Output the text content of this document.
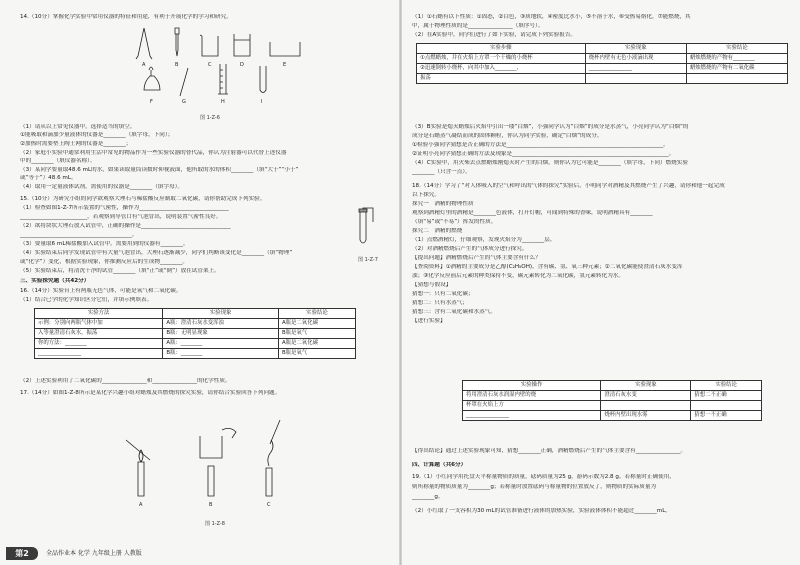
14.（10分）掌握化学实验中常用仪器的特征和用途，有利于开展化学的学习和研究。
A	B	C	D	E
F	G	H	I
图 1-Z-6
（1）请从以上常见仪器中，选择适当的填空。
①能吸取和滴加少量液体的仪器是________（填字母，下同）；
②加热时需要垫上陶土网的仪器是________；
（2）家庭小实验中通常利用生活中常见的物品作为一些实验仪器的替代品，你认为注射器可以代替上述仪器
中的________（填仪器名称）。
（3）某同学要量取48.6 mL的水，如果读取量筒读数时仰视液面，他所取的水的体积________（填“大于”“小于”
或“等于”）48.6 mL。
（4）取用一定量液体试剂，需使用的仪器是________（填字母）。
15.（10分）为研究小组的同学欲观察大理石与稀盐酸反应制取二氧化碳，请你帮助完成下列实验。
（1）检查如图1-Z-7所示装置的气密性，操作为________________________________
________________________，若观察到导管口有气泡冒出，说明装置气密性良好。
（2）欲将块状大理石放入试管中，正确的操作是________________________________
________________________________________。
（3）要量取6 mL稀盐酸加入试管中，需要用到的仪器有________。
（4）实验结束后同学发现试管中有大量气泡冒出，大理石逐渐减少，同学们判断该变化是________（填“物理”
或“化学”）变化，根据实验现象，你推测反应后的生成物________。
（5）实验结束后，将清洗干净的试管________（填“正”或“倒”）放在试管架上。
图 1-Z-7
三、实验探究题（共42分）
16.（14分）实验台上有两瓶无色气体，可能是氧气和二氧化碳。
（1）结合已学的化学知识区分它们，并填示例填表。
实验方法	实验现象	实验结论
示例：分别向两瓶气体中加	A瓶：澄清石灰水变浑浊	A瓶是二氧化碳
入等量澄清石灰水，振荡	B瓶：无明显现象	B瓶是氧气
你的方法：________	A瓶：________	A瓶是二氧化碳
________________	B瓶：________	B瓶是氧气
（2）上述实验利用了二氧化碳的________________和________________的化学性质。
17.（14分）如图1-Z-8所示是某化学兴趣小组对蜡烛及其燃烧的探究实验，请你结合实验回答下列问题。
A	B	C
图 1-Z-8
第2	全品作业本 化学 九年级上册 人教版
（1）①石蜡有以下性质：①固态，②白色，③质地软，④密度比水小，⑤不溶于水，⑥受热易熔化，⑦能燃烧，其
中，属于物理性质的是________________（填序号）。
（2）在A实验中，同学们进行了如下实验，请完成下列实验报告。
实验步骤	实验现象	实验结论
①点燃蜡烛，并在火焰上方罩一个干燥的小烧杯	烧杯内壁有无色小液滴出现	蜡烛燃烧的产物有________
②迅速倒转小烧杯，向其中加入________，	________________	蜡烛燃烧的产物有二氧化碳
振荡		
（3）B实验是熄灭蜡烛后火焰中引出一缕“白烟”，小强同学认为“白烟”的成分是水蒸气，小亮同学认为“白烟”的
成分是石蜡蒸气凝结而成的固体颗粒，你认为同学实验，确定“白烟”的成分。
①检验小强同学猜想是否正确的方法是________________________________________________________。
②证明小亮同学猜想正确的方法及现象是________________________________________________________。
（4）C实验中，用火柴去点燃蜡烛刚熄灭时产生的白烟，则你认为它可能是________（填字母，下同）燃烧实验
________（只含一点）。
18.（14分）学习了“对人体吸入的空气和呼出的气体的探究”实验后，小明同学对酒精及其燃烧产生了兴趣，请你和他一起完成
以下探究。
探究一　酒精的物理性质
观察到酒精灯里的酒精是________色液体，打开灯帽，可闻到特殊的香味，说明酒精具有________
（填“易”或“不易”）挥发的性质。
探究二　酒精的燃烧
（1）点燃酒精灯，仔细观察，发现火焰分为________层。
（2）对酒精燃烧后产生的气体成分进行探究。
【提出问题】酒精燃烧后产生的气体主要含有什么？
【查阅资料】①酒精的主要成分是乙醇(C₂H₅OH)，含有碳、氢、氧三种元素；②二氧化碳能使澄清石灰水变浑
浊；③化学反应前后元素的种类保持不变，碳元素转化为二氧化碳，氢元素转化为水。
【猜想与假设】
猜想一：只有二氧化碳；
猜想二：只有水蒸气；
猜想三：含有二氧化碳和水蒸气。
【进行实验】
实验操作	实验现象	实验结论
将用澄清石灰水润湿内壁的烧	澄清石灰水变	猜想二不正确
杯罩在火焰上方		
________________	烧杯内壁出现水雾	猜想一不正确
【得出结论】通过上述实验现象可知，猜想________正确，酒精燃烧后产生的气体主要含有________________。
四、计算题（共6分）
19.（1）小红同学用托盘天平称量物质的质量，砝码质量为25 g，游码示数为2.8 g。若称量时正确使用，
则所称量的物质质量为________g；若称量时放置砝码与称量物的位置放反了，则物质的实际质量为
________g。
（2）小红取了一支容积为30 mL的试管准备进行液体的加热实验，实验液体体积不能超过________mL。
